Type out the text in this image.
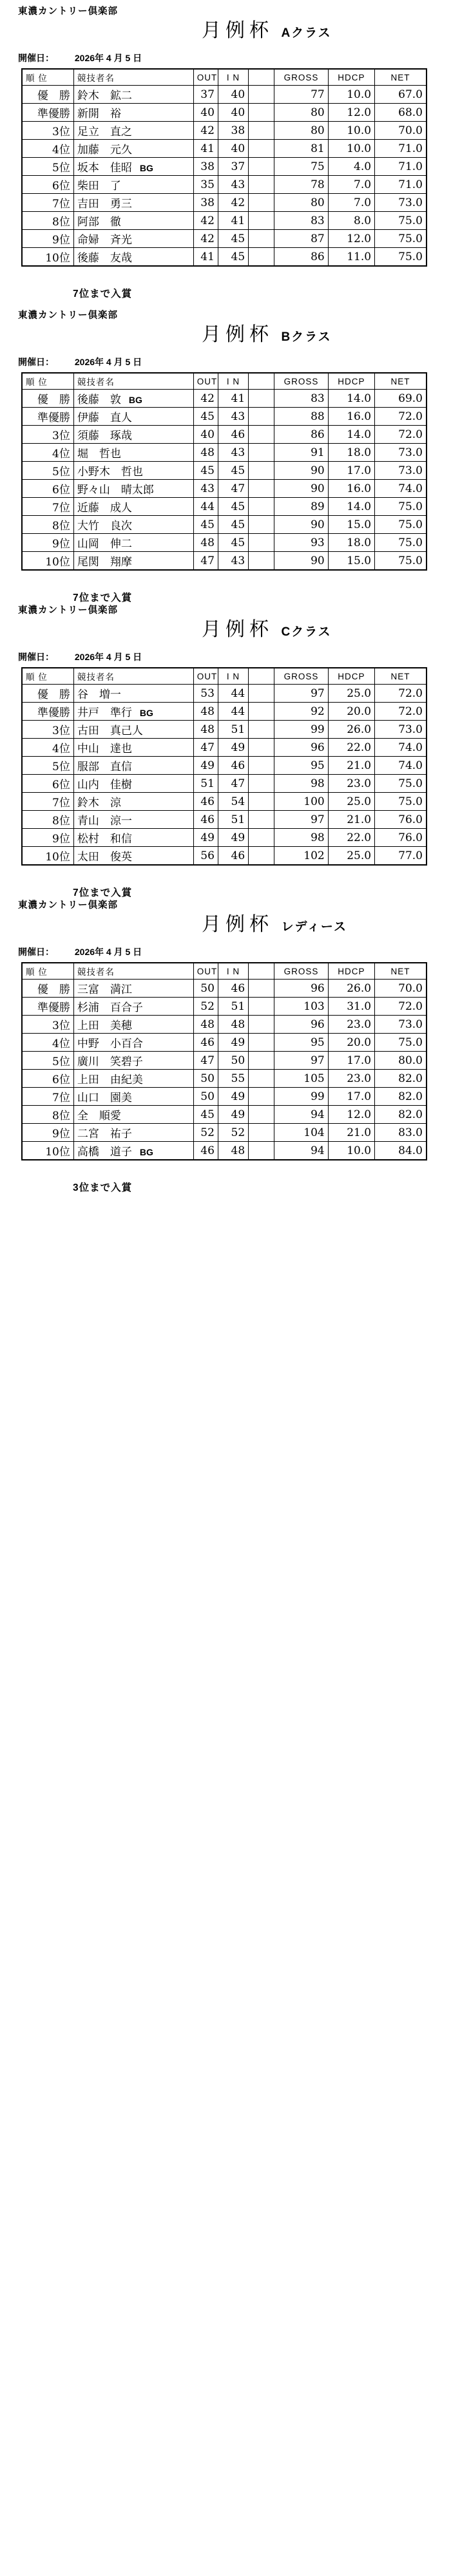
東濃カントリー倶楽部
月例杯 Aクラス
開催日： 2026年 4 月 5 日
順 位	競技者名	OUT	I N		GROSS	HDCP	NET
優　勝	鈴木　鉱二	37	40		77	10.0	67.0
準優勝	新開　裕	40	40		80	12.0	68.0
3位	足立　直之	42	38		80	10.0	70.0
4位	加藤　元久	41	40		81	10.0	71.0
5位	坂本　佳昭 BG	38	37		75	4.0	71.0
6位	柴田　了	35	43		78	7.0	71.0
7位	吉田　勇三	38	42		80	7.0	73.0
8位	阿部　徹	42	41		83	8.0	75.0
9位	命婦　斉光	42	45		87	12.0	75.0
10位	後藤　友哉	41	45		86	11.0	75.0
7位まで入賞
東濃カントリー倶楽部
月例杯 Bクラス
開催日： 2026年 4 月 5 日
順 位	競技者名	OUT	I N		GROSS	HDCP	NET
優　勝	後藤　敦 BG	42	41		83	14.0	69.0
準優勝	伊藤　直人	45	43		88	16.0	72.0
3位	須藤　琢哉	40	46		86	14.0	72.0
4位	堀　哲也	48	43		91	18.0	73.0
5位	小野木　哲也	45	45		90	17.0	73.0
6位	野々山　晴太郎	43	47		90	16.0	74.0
7位	近藤　成人	44	45		89	14.0	75.0
8位	大竹　良次	45	45		90	15.0	75.0
9位	山岡　伸二	48	45		93	18.0	75.0
10位	尾関　翔摩	47	43		90	15.0	75.0
7位まで入賞
東濃カントリー倶楽部
月例杯 Cクラス
開催日： 2026年 4 月 5 日
順 位	競技者名	OUT	I N		GROSS	HDCP	NET
優　勝	谷　増一	53	44		97	25.0	72.0
準優勝	井戸　準行 BG	48	44		92	20.0	72.0
3位	古田　真己人	48	51		99	26.0	73.0
4位	中山　達也	47	49		96	22.0	74.0
5位	服部　直信	49	46		95	21.0	74.0
6位	山内　佳樹	51	47		98	23.0	75.0
7位	鈴木　涼	46	54		100	25.0	75.0
8位	青山　涼一	46	51		97	21.0	76.0
9位	松村　和信	49	49		98	22.0	76.0
10位	太田　俊英	56	46		102	25.0	77.0
7位まで入賞
東濃カントリー倶楽部
月例杯 レディース
開催日： 2026年 4 月 5 日
順 位	競技者名	OUT	I N		GROSS	HDCP	NET
優　勝	三富　満江	50	46		96	26.0	70.0
準優勝	杉浦　百合子	52	51		103	31.0	72.0
3位	上田　美穂	48	48		96	23.0	73.0
4位	中野　小百合	46	49		95	20.0	75.0
5位	廣川　笑碧子	47	50		97	17.0	80.0
6位	上田　由紀美	50	55		105	23.0	82.0
7位	山口　園美	50	49		99	17.0	82.0
8位	全　順愛	45	49		94	12.0	82.0
9位	二宮　祐子	52	52		104	21.0	83.0
10位	高橋　道子 BG	46	48		94	10.0	84.0
3位まで入賞
